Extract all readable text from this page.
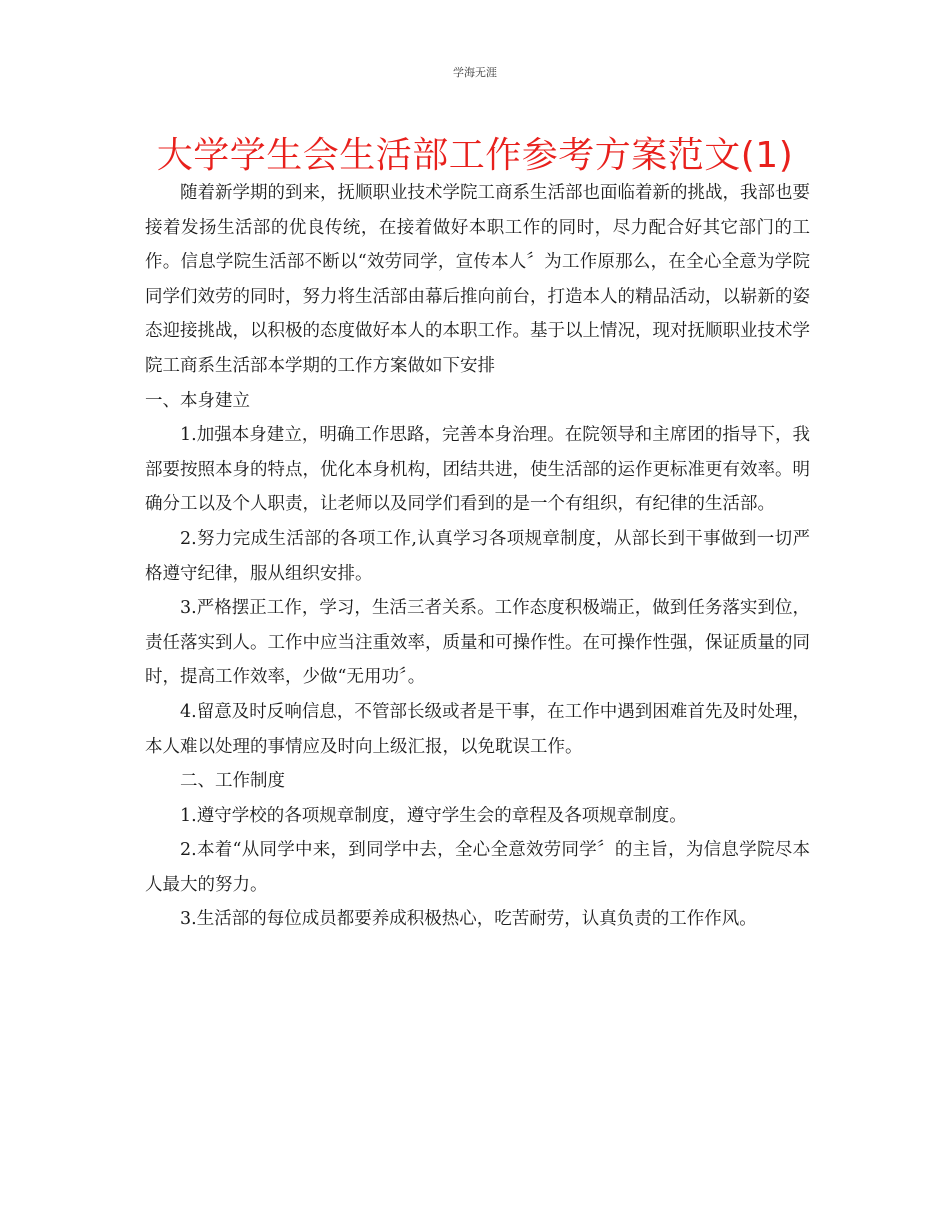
学海无涯
大学学生会生活部工作参考方案范文(1)

随着新学期的到来，抚顺职业技术学院工商系生活部也面临着新的挑战，我部也要接着发扬生活部的优良传统，在接着做好本职工作的同时，尽力配合好其它部门的工作。信息学院生活部不断以“效劳同学，宣传本人〞为工作原那么，在全心全意为学院同学们效劳的同时，努力将生活部由幕后推向前台，打造本人的精品活动，以崭新的姿态迎接挑战，以积极的态度做好本人的本职工作。基于以上情况，现对抚顺职业技术学院工商系生活部本学期的工作方案做如下安排

一、本身建立

1.加强本身建立，明确工作思路，完善本身治理。在院领导和主席团的指导下，我部要按照本身的特点，优化本身机构，团结共进，使生活部的运作更标准更有效率。明确分工以及个人职责，让老师以及同学们看到的是一个有组织，有纪律的生活部。

2.努力完成生活部的各项工作,认真学习各项规章制度，从部长到干事做到一切严格遵守纪律，服从组织安排。

3.严格摆正工作，学习，生活三者关系。工作态度积极端正，做到任务落实到位，责任落实到人。工作中应当注重效率，质量和可操作性。在可操作性强，保证质量的同时，提高工作效率，少做“无用功〞。

4.留意及时反响信息，不管部长级或者是干事，在工作中遇到困难首先及时处理，本人难以处理的事情应及时向上级汇报，以免耽误工作。

二、工作制度

1.遵守学校的各项规章制度，遵守学生会的章程及各项规章制度。

2.本着“从同学中来，到同学中去，全心全意效劳同学〞的主旨，为信息学院尽本人最大的努力。

3.生活部的每位成员都要养成积极热心，吃苦耐劳，认真负责的工作作风。
